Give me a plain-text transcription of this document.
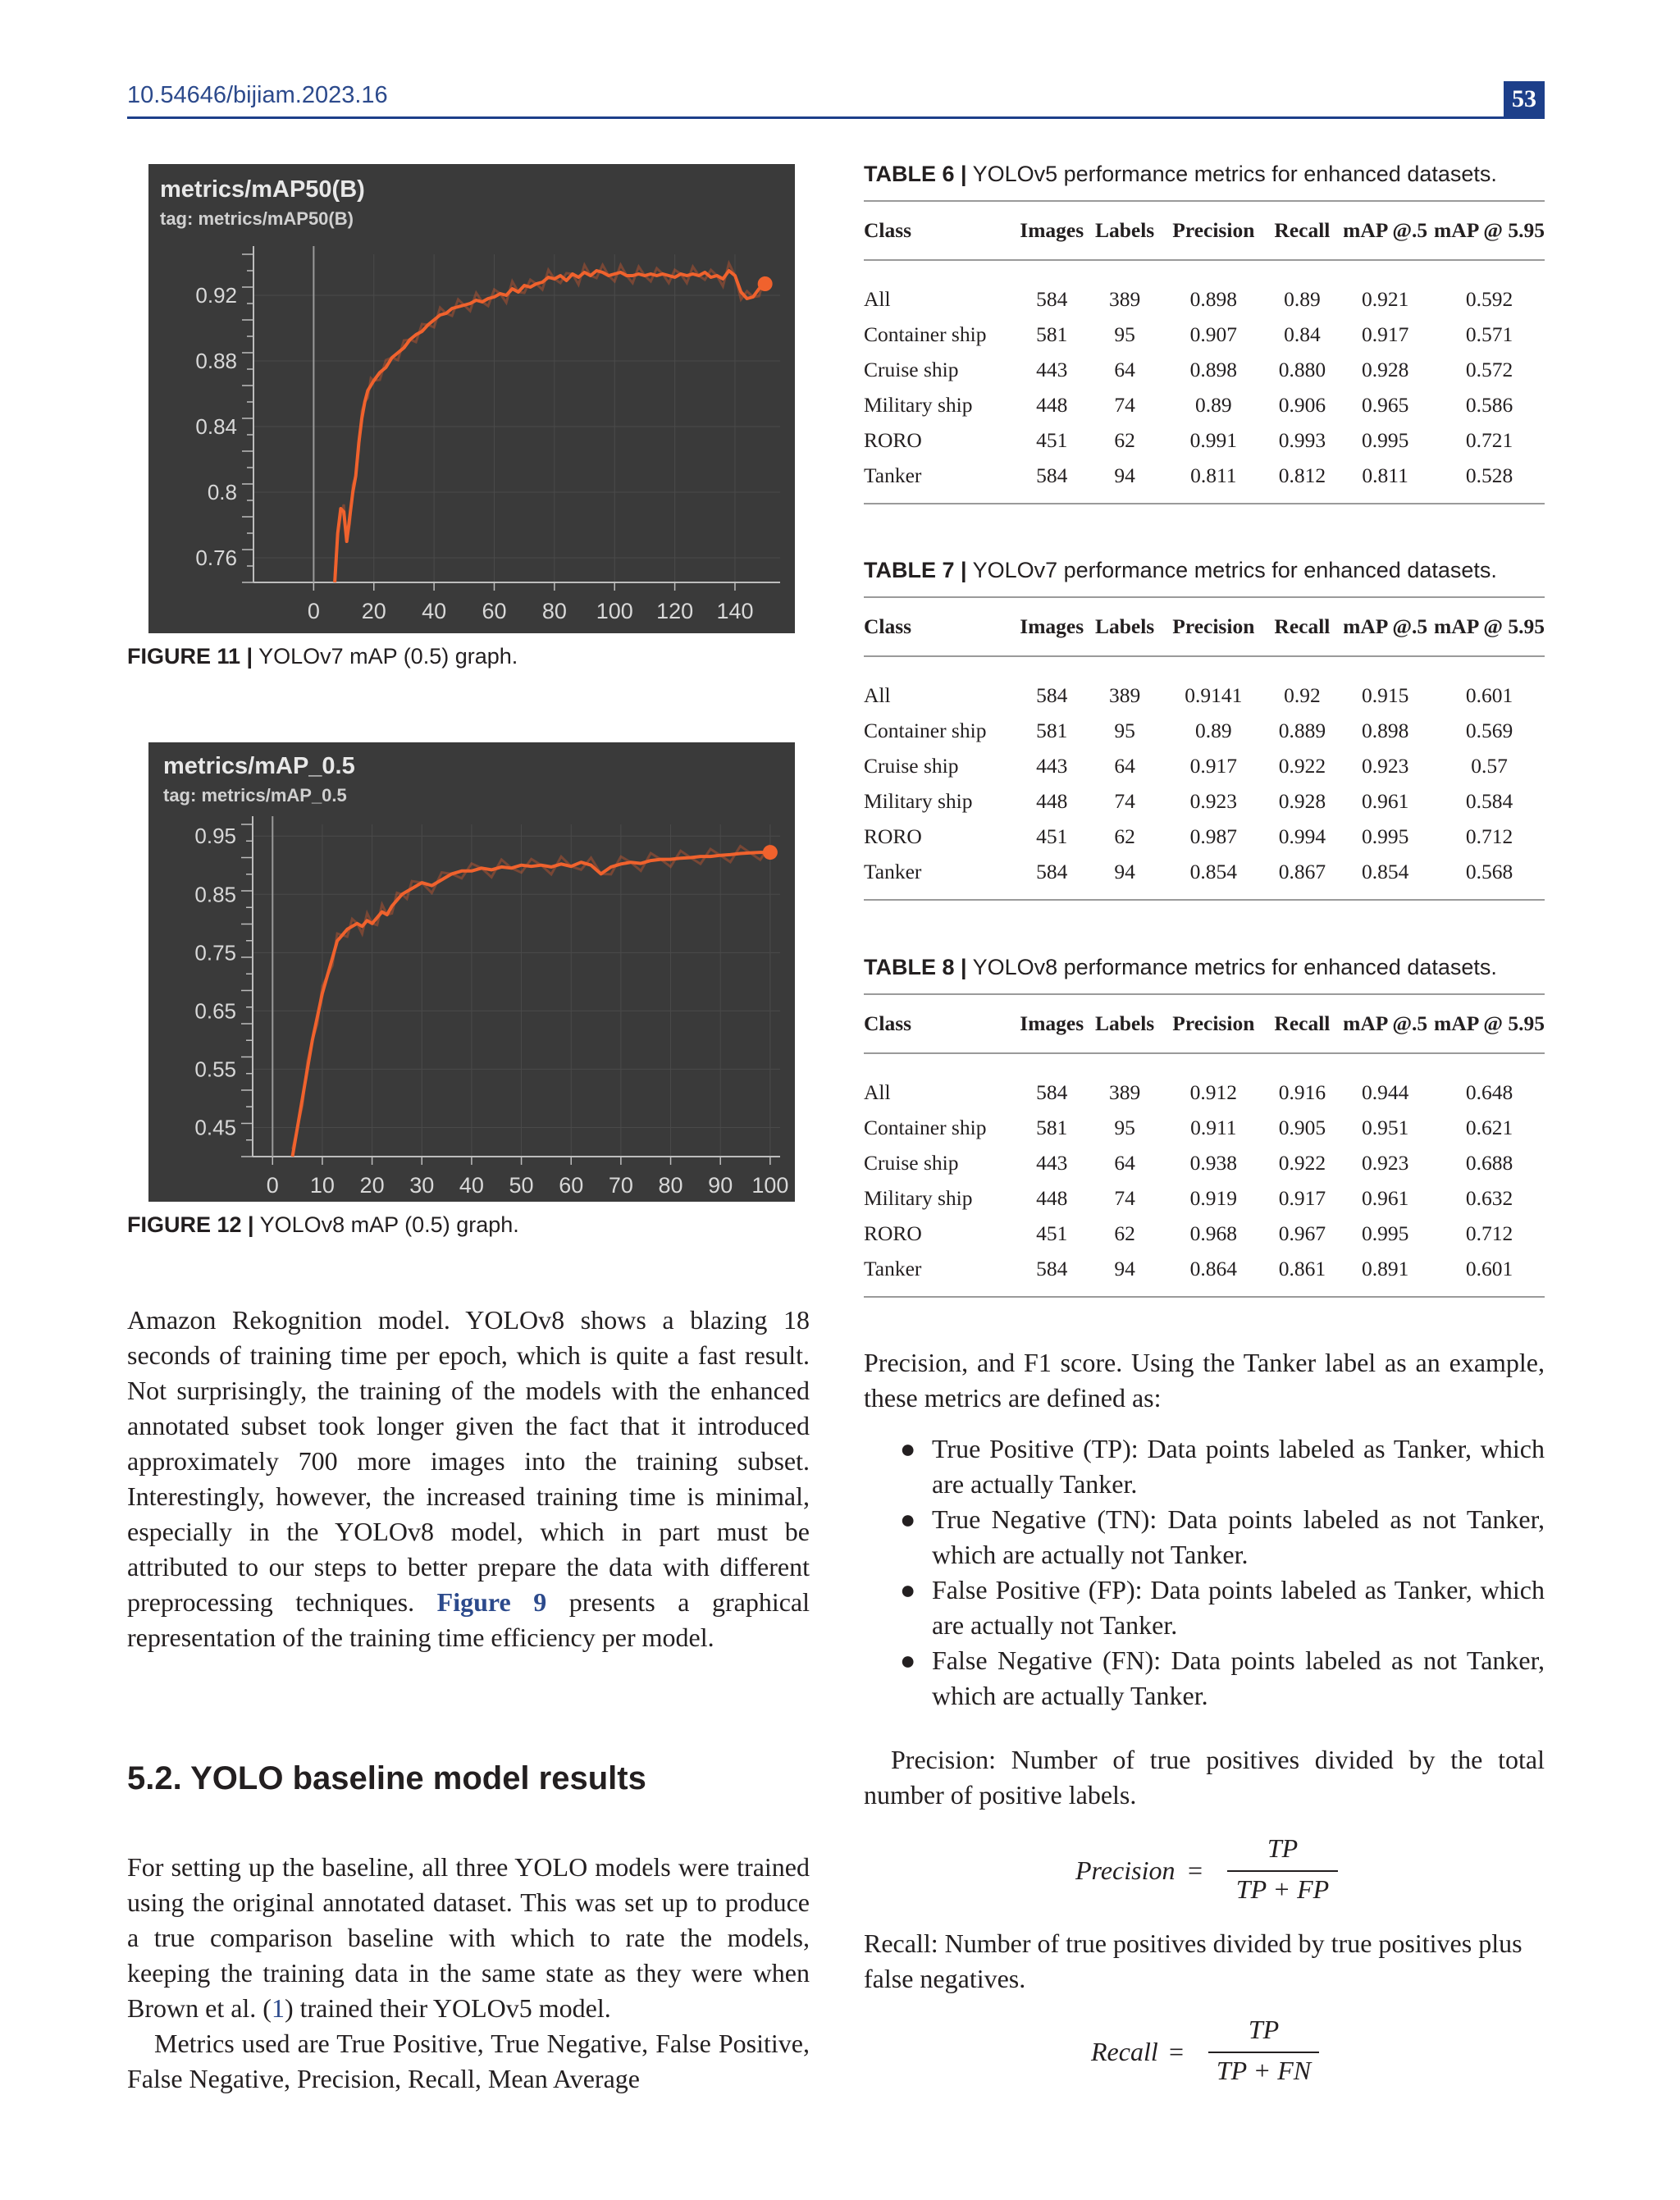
10.54646/bijiam.2023.16	53
metrics/mAP50(B)
tag: metrics/mAP50(B)
0.76
0.8
0.84
0.88
0.92
0 20 40 60 80 100 120 140
FIGURE 11 | YOLOv7 mAP (0.5) graph.
metrics/mAP_0.5
tag: metrics/mAP_0.5
0.45
0.55
0.65
0.75
0.85
0.95
0 10 20 30 40 50 60 70 80 90 100
FIGURE 12 | YOLOv8 mAP (0.5) graph.
TABLE 6 | YOLOv5 performance metrics for enhanced datasets.
TABLE 7 | YOLOv7 performance metrics for enhanced datasets.
TABLE 8 | YOLOv8 performance metrics for enhanced datasets.
Class	Images	Labels	Precision	Recall	mAP @.5	mAP @ 5.95
All	584	389	0.898	0.89	0.921	0.592
Container ship	581	95	0.907	0.84	0.917	0.571
Cruise ship	443	64	0.898	0.880	0.928	0.572
Military ship	448	74	0.89	0.906	0.965	0.586
RORO	451	62	0.991	0.993	0.995	0.721
Tanker	584	94	0.811	0.812	0.811	0.528
Class	Images	Labels	Precision	Recall	mAP @.5	mAP @ 5.95
All	584	389	0.9141	0.92	0.915	0.601
Container ship	581	95	0.89	0.889	0.898	0.569
Cruise ship	443	64	0.917	0.922	0.923	0.57
Military ship	448	74	0.923	0.928	0.961	0.584
RORO	451	62	0.987	0.994	0.995	0.712
Tanker	584	94	0.854	0.867	0.854	0.568
Class	Images	Labels	Precision	Recall	mAP @.5	mAP @ 5.95
All	584	389	0.912	0.916	0.944	0.648
Container ship	581	95	0.911	0.905	0.951	0.621
Cruise ship	443	64	0.938	0.922	0.923	0.688
Military ship	448	74	0.919	0.917	0.961	0.632
RORO	451	62	0.968	0.967	0.995	0.712
Tanker	584	94	0.864	0.861	0.891	0.601

Amazon Rekognition model. YOLOv8 shows a blazing 18 seconds of training time per epoch, which is quite a fast result. Not surprisingly, the training of the models with the enhanced annotated subset took longer given the fact that it introduced approximately 700 more images into the training subset. Interestingly, however, the increased training time is minimal, especially in the YOLOv8 model, which in part must be attributed to our steps to better prepare the data with different preprocessing techniques. Figure 9 presents a graphical representation of the training time efficiency per model.

5.2. YOLO baseline model results

For setting up the baseline, all three YOLO models were trained using the original annotated dataset. This was set up to produce a true comparison baseline with which to rate the models, keeping the training data in the same state as they were when Brown et al. (1) trained their YOLOv5 model.

Metrics used are True Positive, True Negative, False Positive, False Negative, Precision, Recall, Mean Average

Precision, and F1 score. Using the Tanker label as an example, these metrics are defined as:
● True Positive (TP): Data points labeled as Tanker, which are actually Tanker.
● True Negative (TN): Data points labeled as not Tanker, which are actually not Tanker.
● False Positive (FP): Data points labeled as Tanker, which are actually not Tanker.
● False Negative (FN): Data points labeled as not Tanker, which are actually Tanker.
Precision: Number of true positives divided by the total number of positive labels.
Precision =
TP
TP + FP
Recall: Number of true positives divided by true positives plus false negatives.
Recall =
TP
TP + FN
